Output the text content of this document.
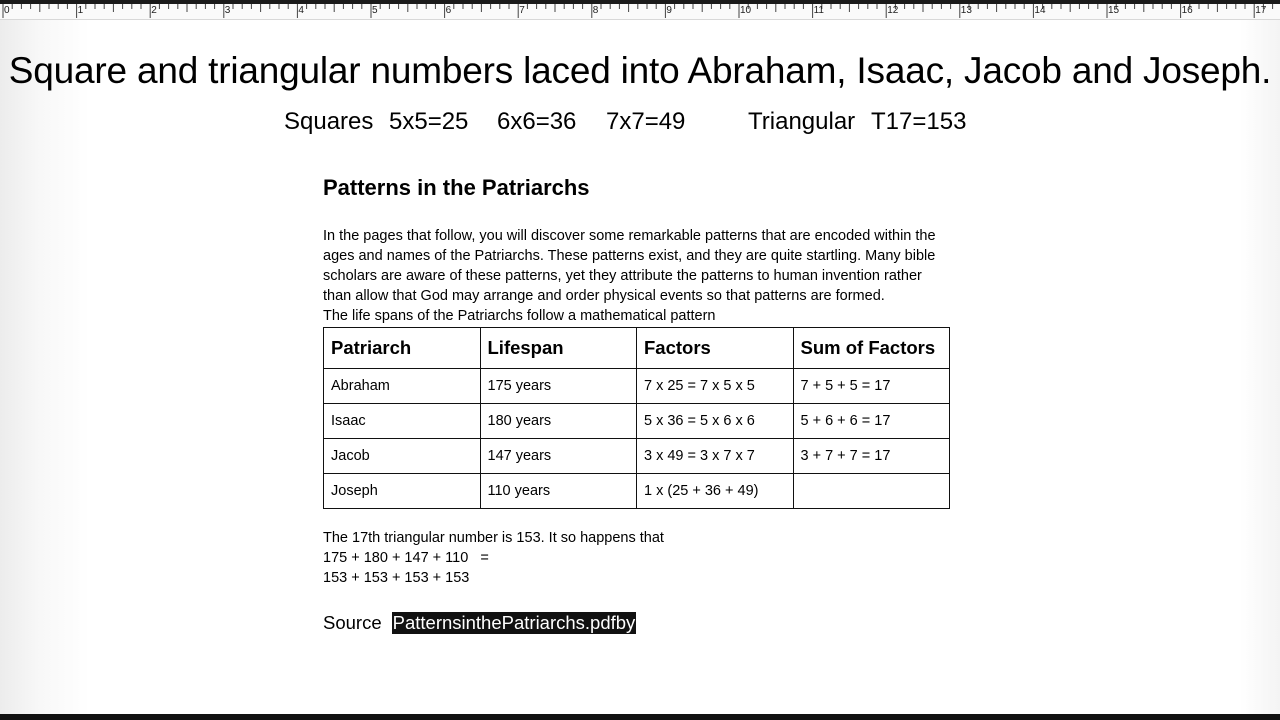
0	1	2	3	4	5	6	7	8	9	10	11	12	13	14	15	16	17
Square and triangular numbers laced into Abraham, Isaac, Jacob and Joseph.
Squares 5x5=25 6x6=36 7x7=49	Triangular T17=153
Patterns in the Patriarchs

In the pages that follow, you will discover some remarkable patterns that are encoded within the ages and names of the Patriarchs. These patterns exist, and they are quite startling. Many bible scholars are aware of these patterns, yet they attribute the patterns to human invention rather than allow that God may arrange and order physical events so that patterns are formed.

The life spans of the Patriarchs follow a mathematical pattern

Patriarch	Lifespan	Factors	Sum of Factors
Abraham	175 years	7 x 25 = 7 x 5 x 5	7 + 5 + 5 = 17
Isaac	180 years	5 x 36 = 5 x 6 x 6	5 + 6 + 6 = 17
Jacob	147 years	3 x 49 = 3 x 7 x 7	3 + 7 + 7 = 17
Joseph	110 years	1 x (25 + 36 + 49)	

The 17th triangular number is 153. It so happens that

175 + 180 + 147 + 110   =

153 + 153 + 153 + 153

Source PatternsinthePatriarchs.pdfby
